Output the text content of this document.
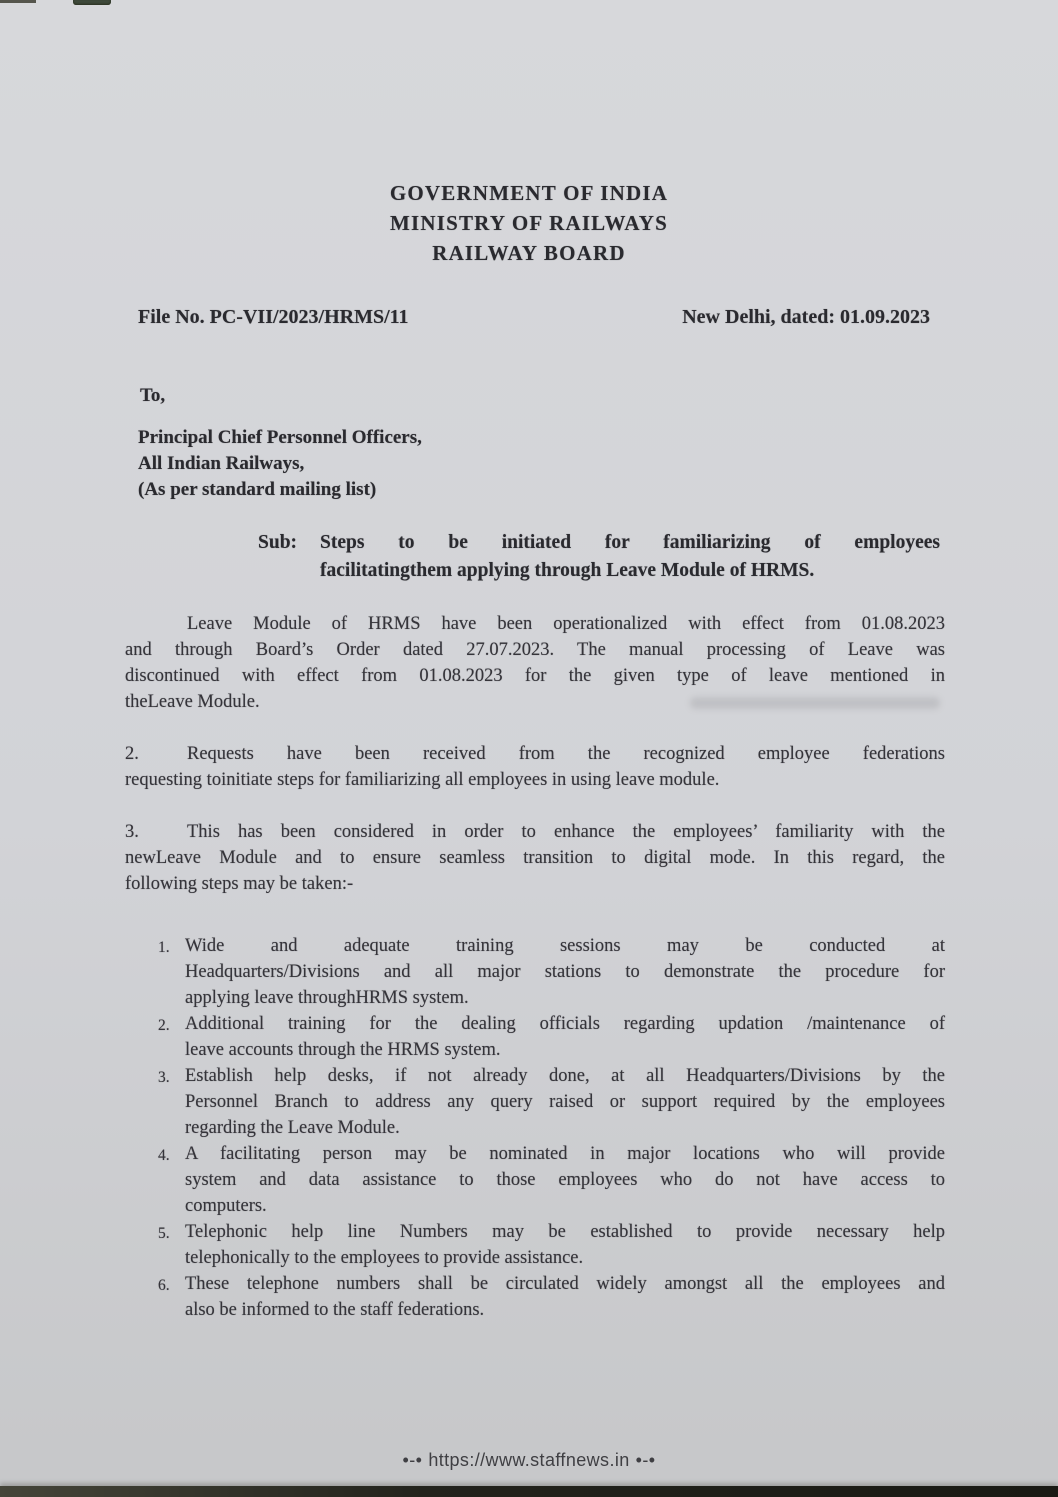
GOVERNMENT OF INDIA
MINISTRY OF RAILWAYS
RAILWAY BOARD
File No. PC-VII/2023/HRMS/11	New Delhi, dated: 01.09.2023
To,
Principal Chief Personnel Officers,
All Indian Railways,
(As per standard mailing list)
Sub: Steps to be initiated for familiarizing of employees
facilitatingthem applying through Leave Module of HRMS.
Leave Module of HRMS have been operationalized with effect from 01.08.2023
and through Board’s Order dated 27.07.2023. The manual processing of Leave was
discontinued with effect from 01.08.2023 for the given type of leave mentioned in
theLeave Module.
2.	Requests have been received from the recognized employee federations
requesting toinitiate steps for familiarizing all employees in using leave module.
3.	This has been considered in order to enhance the employees’ familiarity with the
newLeave Module and to ensure seamless transition to digital mode. In this regard, the
following steps may be taken:-
1. Wide and adequate training sessions may be conducted at
Headquarters/Divisions and all major stations to demonstrate the procedure for
applying leave throughHRMS system.
2. Additional training for the dealing officials regarding updation /maintenance of
leave accounts through the HRMS system.
3. Establish help desks, if not already done, at all Headquarters/Divisions by the
Personnel Branch to address any query raised or support required by the employees
regarding the Leave Module.
4. A facilitating person may be nominated in major locations who will provide
system and data assistance to those employees who do not have access to
computers.
5. Telephonic help line Numbers may be established to provide necessary help
telephonically to the employees to provide assistance.
6. These telephone numbers shall be circulated widely amongst all the employees and
also be informed to the staff federations.
•-• https://www.staffnews.in •-•
